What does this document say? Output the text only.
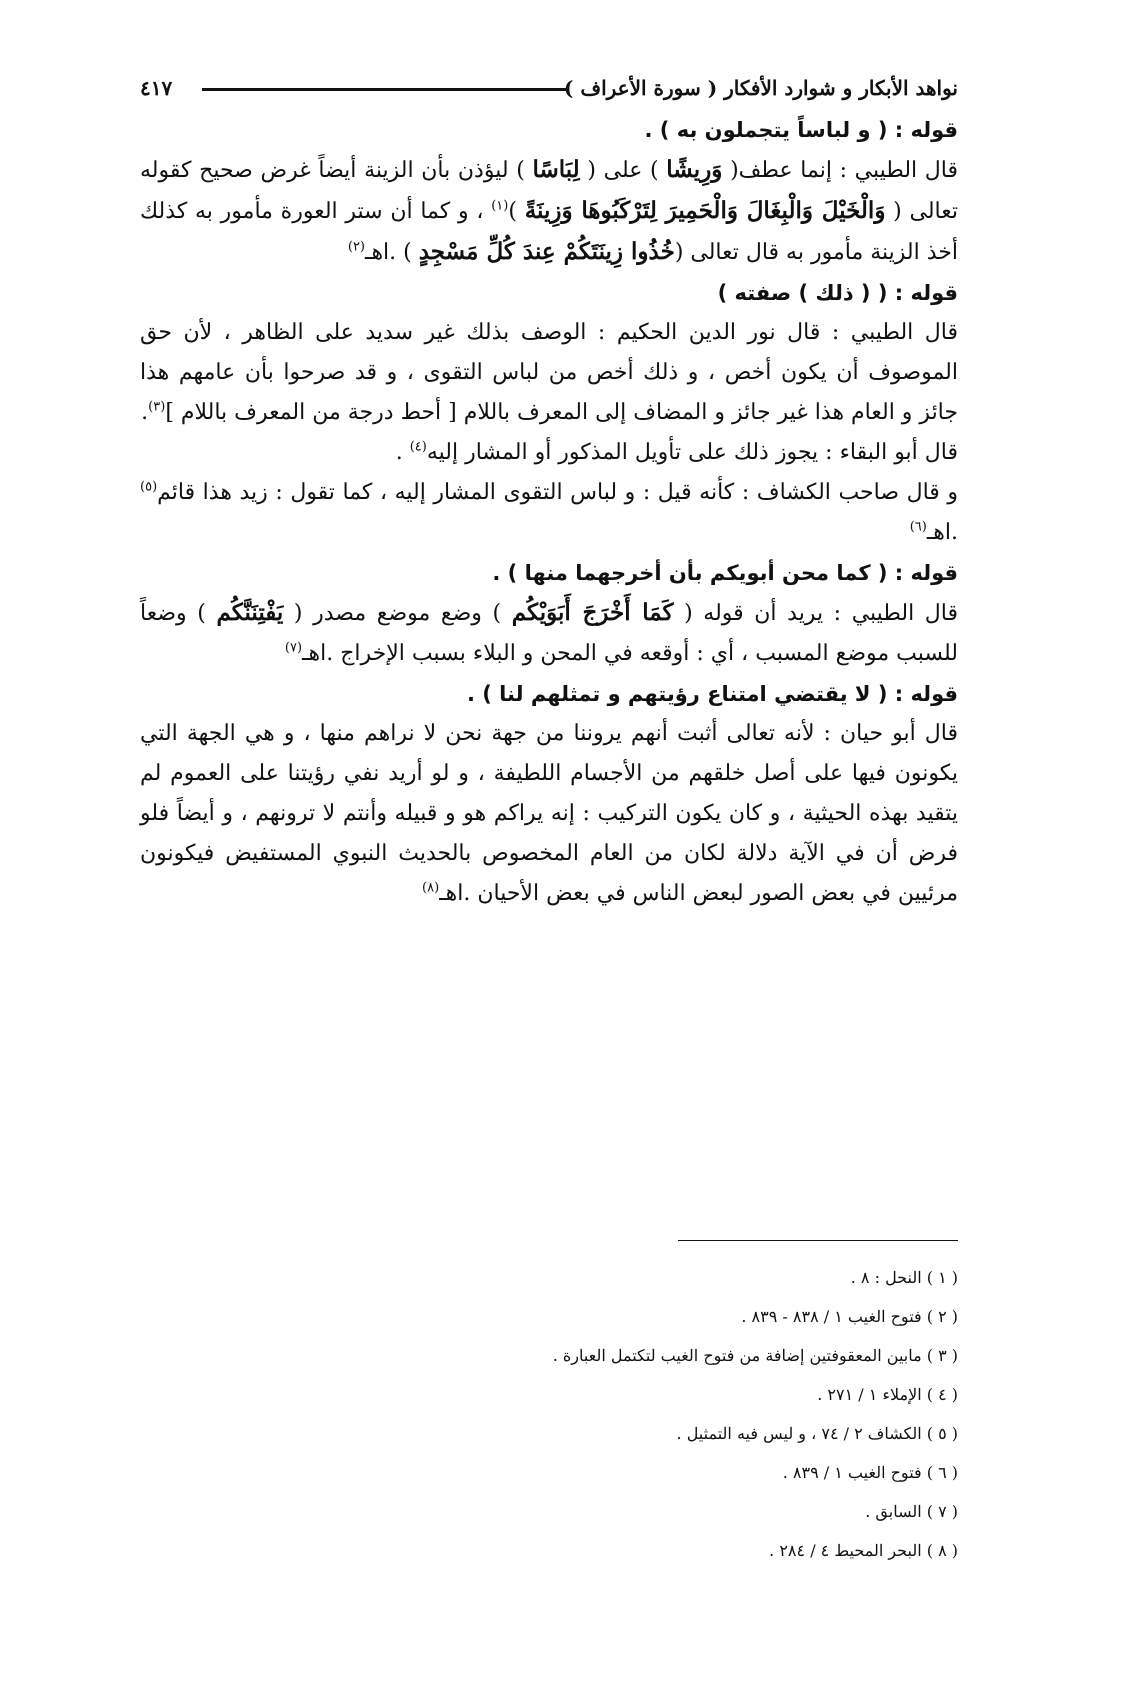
نواهد الأبكار و شوارد الأفكار ( سورة الأعراف )
٤١٧
قوله : ( و لباساً يتجملون به ) .
قال الطيبي : إنما عطف( وَرِيشًا ) على ( لِبَاسًا ) ليؤذن بأن الزينة أيضاً غرض صحيح كقوله تعالى ( وَالْخَيْلَ وَالْبِغَالَ وَالْحَمِيرَ لِتَرْكَبُوهَا وَزِينَةً )$^{(١)}$ ، و كما أن ستر العورة مأمور به كذلك أخذ الزينة مأمور به قال تعالى (خُذُوا زِينَتَكُمْ عِندَ كُلِّ مَسْجِدٍ ) .اهـ$^{(٢)}$
قوله : ( ( ذلك ) صفته )
قال الطيبي : قال نور الدين الحكيم : الوصف بذلك غير سديد على الظاهر ، لأن حق الموصوف أن يكون أخص ، و ذلك أخص من لباس التقوى ، و قد صرحوا بأن عامهم هذا جائز و العام هذا غير جائز و المضاف إلى المعرف باللام [ أحط درجة من المعرف باللام ]$^{(٣)}$.
قال أبو البقاء : يجوز ذلك على تأويل المذكور أو المشار إليه$^{(٤)}$ .
و قال صاحب الكشاف : كأنه قيل : و لباس التقوى المشار إليه ، كما تقول : زيد هذا قائم$^{(٥)}$ .اهـ$^{(٦)}$
قوله : ( كما محن أبويكم بأن أخرجهما منها ) .
قال الطيبي : يريد أن قوله ( كَمَا أَخْرَجَ أَبَوَيْكُم ) وضع موضع مصدر ( يَفْتِنَنَّكُم ) وضعاً للسبب موضع المسبب ، أي : أوقعه في المحن و البلاء بسبب الإخراج .اهـ$^{(٧)}$
قوله : ( لا يقتضي امتناع رؤيتهم و تمثلهم لنا ) .
قال أبو حيان : لأنه تعالى أثبت أنهم يروننا من جهة نحن لا نراهم منها ، و هي الجهة التي يكونون فيها على أصل خلقهم من الأجسام اللطيفة ، و لو أريد نفي رؤيتنا على العموم لم يتقيد بهذه الحيثية ، و كان يكون التركيب : إنه يراكم هو و قبيله وأنتم لا ترونهم ، و أيضاً فلو فرض أن في الآية دلالة لكان من العام المخصوص بالحديث النبوي المستفيض فيكونون مرئيين في بعض الصور لبعض الناس في بعض الأحيان .اهـ$^{(٨)}$
( ١ ) النحل : ٨ .
( ٢ ) فتوح الغيب ١ / ٨٣٨ - ٨٣٩ .
( ٣ ) مابين المعقوفتين إضافة من فتوح الغيب لتكتمل العبارة .
( ٤ ) الإملاء ١ / ٢٧١ .
( ٥ ) الكشاف ٢ / ٧٤ ، و ليس فيه التمثيل .
( ٦ ) فتوح الغيب ١ / ٨٣٩ .
( ٧ ) السابق .
( ٨ ) البحر المحيط ٤ / ٢٨٤ .
